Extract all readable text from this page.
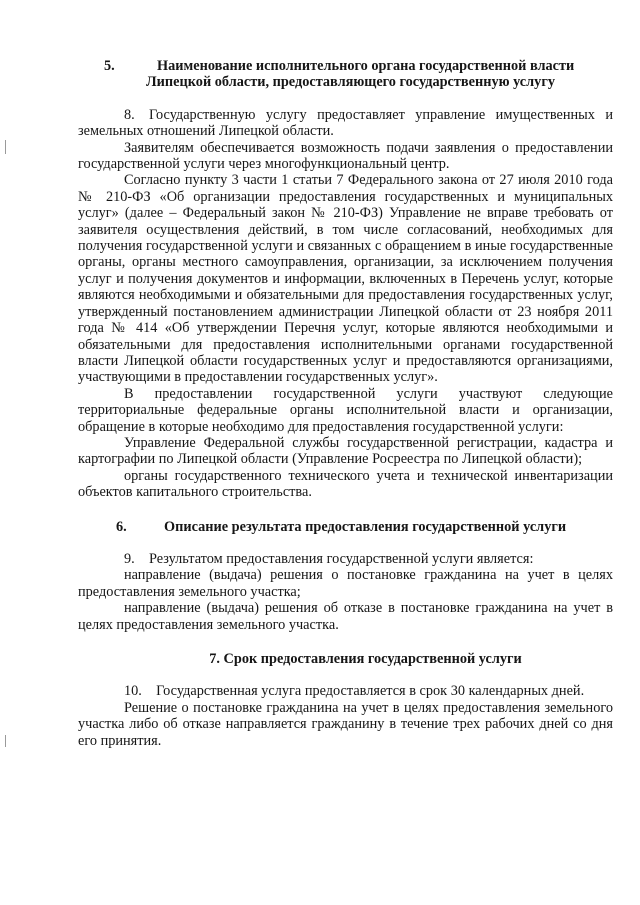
5.	Наименование исполнительного органа государственной власти
Липецкой области, предоставляющего государственную услугу

8. Государственную услугу предоставляет управление имущественных и земельных отношений Липецкой области.

Заявителям обеспечивается возможность подачи заявления о предоставлении государственной услуги через многофункциональный центр.

Согласно пункту 3 части 1 статьи 7 Федерального закона от 27 июля 2010 года № 210-ФЗ «Об организации предоставления государственных и муниципальных услуг» (далее – Федеральный закон № 210-ФЗ) Управление не вправе требовать от заявителя осуществления действий, в том числе согласований, необходимых для получения государственной услуги и связанных с обращением в иные государственные органы, органы местного самоуправления, организации, за исключением получения услуг и получения документов и информации, включенных в Перечень услуг, которые являются необходимыми и обязательными для предоставления государственных услуг, утвержденный постановлением администрации Липецкой области от 23 ноября 2011 года № 414 «Об утверждении Перечня услуг, которые являются необходимыми и обязательными для предоставления исполнительными органами государственной власти Липецкой области государственных услуг и предоставляются организациями, участвующими в предоставлении государственных услуг».

В предоставлении государственной услуги участвуют следующие территориальные федеральные органы исполнительной власти и организации, обращение в которые необходимо для предоставления государственной услуги:

Управление Федеральной службы государственной регистрации, кадастра и картографии по Липецкой области (Управление Росреестра по Липецкой области);

органы государственного технического учета и технической инвентаризации объектов капитального строительства.

6.	Описание результата предоставления государственной услуги

9. Результатом предоставления государственной услуги является:

направление (выдача) решения о постановке гражданина на учет в целях предоставления земельного участка;

направление (выдача) решения об отказе в постановке гражданина на учет в целях предоставления земельного участка.

7. Срок предоставления государственной услуги

10. Государственная услуга предоставляется в срок 30 календарных дней.

Решение о постановке гражданина на учет в целях предоставления земельного участка либо об отказе направляется гражданину в течение трех рабочих дней со дня его принятия.
